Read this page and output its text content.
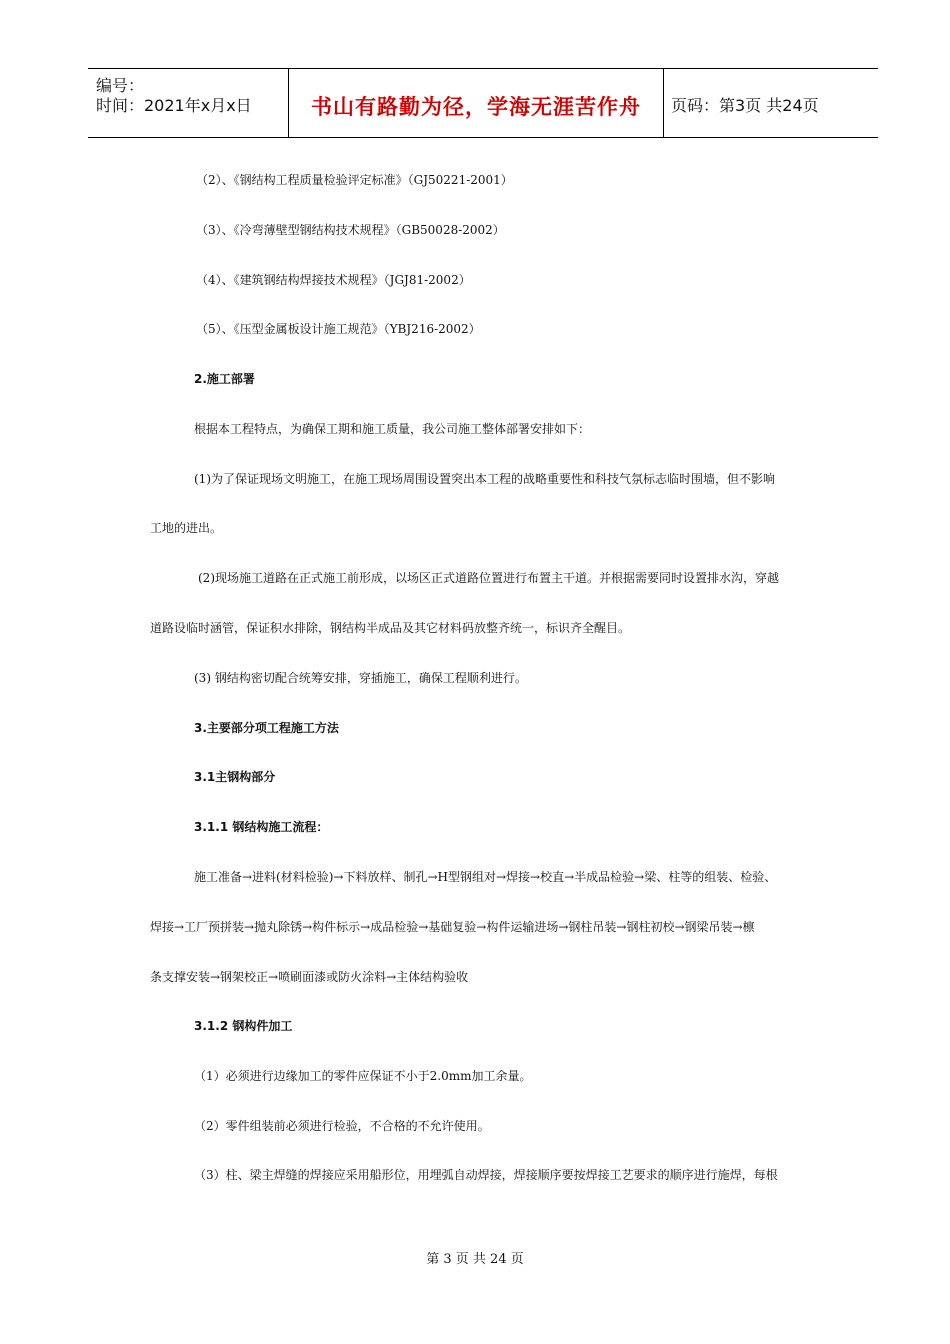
编号：
时间：2021年x月x日	书山有路勤为径，学海无涯苦作舟	页码：第3页 共24页
（2）、《钢结构工程质量检验评定标准》（GJ50221-2001）
（3）、《冷弯薄壁型钢结构技术规程》（GB50028-2002）
（4）、《建筑钢结构焊接技术规程》（JGJ81-2002）
（5）、《压型金属板设计施工规范》（YBJ216-2002）
2.施工部署
根据本工程特点，为确保工期和施工质量，我公司施工整体部署安排如下：
(1)为了保证现场文明施工，在施工现场周围设置突出本工程的战略重要性和科技气氛标志临时围墙，但不影响
工地的进出。
(2)现场施工道路在正式施工前形成，以场区正式道路位置进行布置主干道。并根据需要同时设置排水沟，穿越
道路设临时涵管，保证积水排除，钢结构半成品及其它材料码放整齐统一，标识齐全醒目。
(3) 钢结构密切配合统筹安排，穿插施工，确保工程顺利进行。
3.主要部分项工程施工方法
3.1主钢构部分
3.1.1 钢结构施工流程：
施工准备→进料(材料检验)→下料放样、制孔→H型钢组对→焊接→校直→半成品检验→梁、柱等的组装、检验、
焊接→工厂预拼装→抛丸除锈→构件标示→成品检验→基础复验→构件运输进场→钢柱吊装→钢柱初校→钢梁吊装→檩
条支撑安装→钢架校正→喷刷面漆或防火涂料→主体结构验收
3.1.2 钢构件加工
（1）必须进行边缘加工的零件应保证不小于2.0mm加工余量。
（2）零件组装前必须进行检验，不合格的不允许使用。
（3）柱、梁主焊缝的焊接应采用船形位，用埋弧自动焊接，焊接顺序要按焊接工艺要求的顺序进行施焊，每根
第 3 页 共 24 页
